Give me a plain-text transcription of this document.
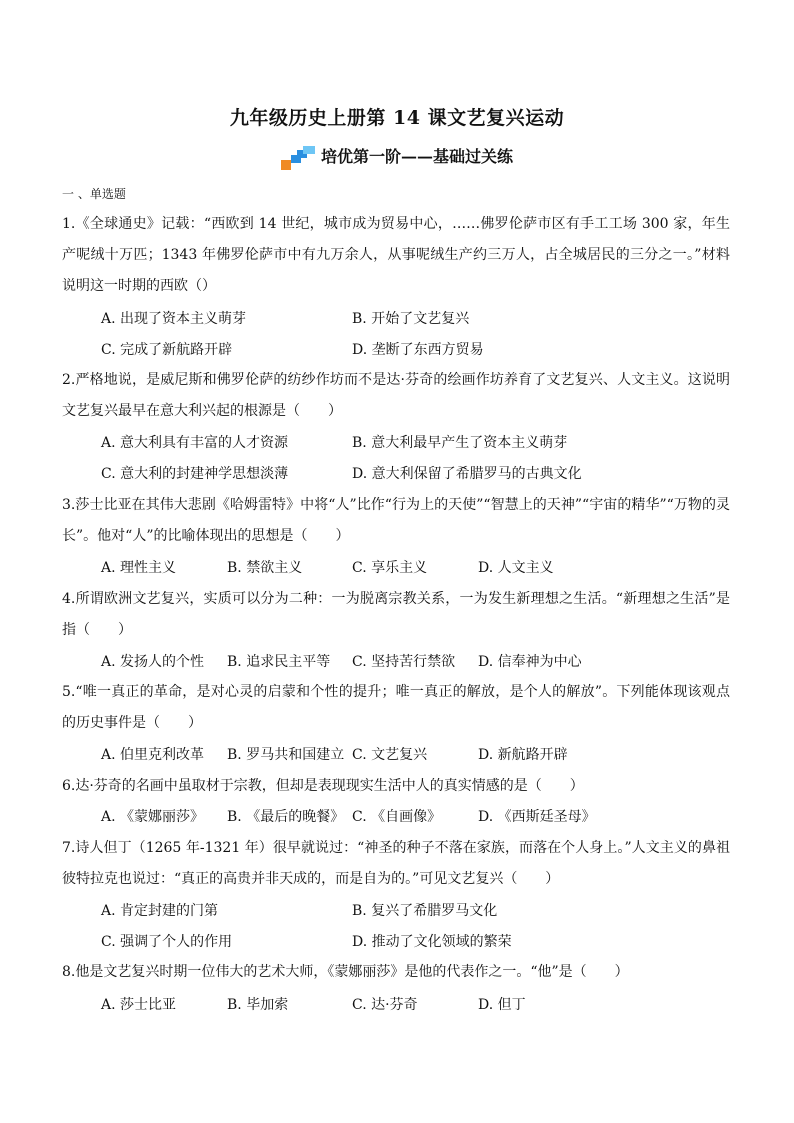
九年级历史上册第 14 课文艺复兴运动
培优第一阶——基础过关练
一 、单选题

1.《全球通史》记载：“西欧到 14 世纪，城市成为贸易中心，……佛罗伦萨市区有手工工场 300 家，年生产呢绒十万匹；1343 年佛罗伦萨市中有九万余人，从事呢绒生产约三万人，占全城居民的三分之一。”材料说明这一时期的西欧（）

A. 出现了资本主义萌芽	B. 开始了文艺复兴
C. 完成了新航路开辟	D. 垄断了东西方贸易

2.严格地说，是威尼斯和佛罗伦萨的纺纱作坊而不是达·芬奇的绘画作坊养育了文艺复兴、人文主义。这说明文艺复兴最早在意大利兴起的根源是（　　）

A. 意大利具有丰富的人才资源	B. 意大利最早产生了资本主义萌芽
C. 意大利的封建神学思想淡薄	D. 意大利保留了希腊罗马的古典文化

3.莎士比亚在其伟大悲剧《哈姆雷特》中将“人”比作“行为上的天使”“智慧上的天神”“宇宙的精华”“万物的灵长”。他对“人”的比喻体现出的思想是（　　）

A. 理性主义	B. 禁欲主义	C. 享乐主义	D. 人文主义

4.所谓欧洲文艺复兴，实质可以分为二种：一为脱离宗教关系，一为发生新理想之生活。“新理想之生活”是指（　　）

A. 发扬人的个性 B. 追求民主平等 C. 坚持苦行禁欲 D. 信奉神为中心

5.“唯一真正的革命，是对心灵的启蒙和个性的提升；唯一真正的解放，是个人的解放”。下列能体现该观点的历史事件是（　　）

A. 伯里克利改革 B. 罗马共和国建立 C. 文艺复兴	D. 新航路开辟

6.达·芬奇的名画中虽取材于宗教，但却是表现现实生活中人的真实情感的是（　　）

A. 《蒙娜丽莎》 B. 《最后的晚餐》 C. 《自画像》	D. 《西斯廷圣母》

7.诗人但丁（1265 年-1321 年）很早就说过：“神圣的种子不落在家族，而落在个人身上。”人文主义的鼻祖彼特拉克也说过：“真正的高贵并非天成的，而是自为的。”可见文艺复兴（　　）

A. 肯定封建的门第	B. 复兴了希腊罗马文化
C. 强调了个人的作用	D. 推动了文化领域的繁荣

8.他是文艺复兴时期一位伟大的艺术大师，《蒙娜丽莎》是他的代表作之一。“他”是（　　）

A. 莎士比亚	B. 毕加索	C. 达·芬奇	D. 但丁
